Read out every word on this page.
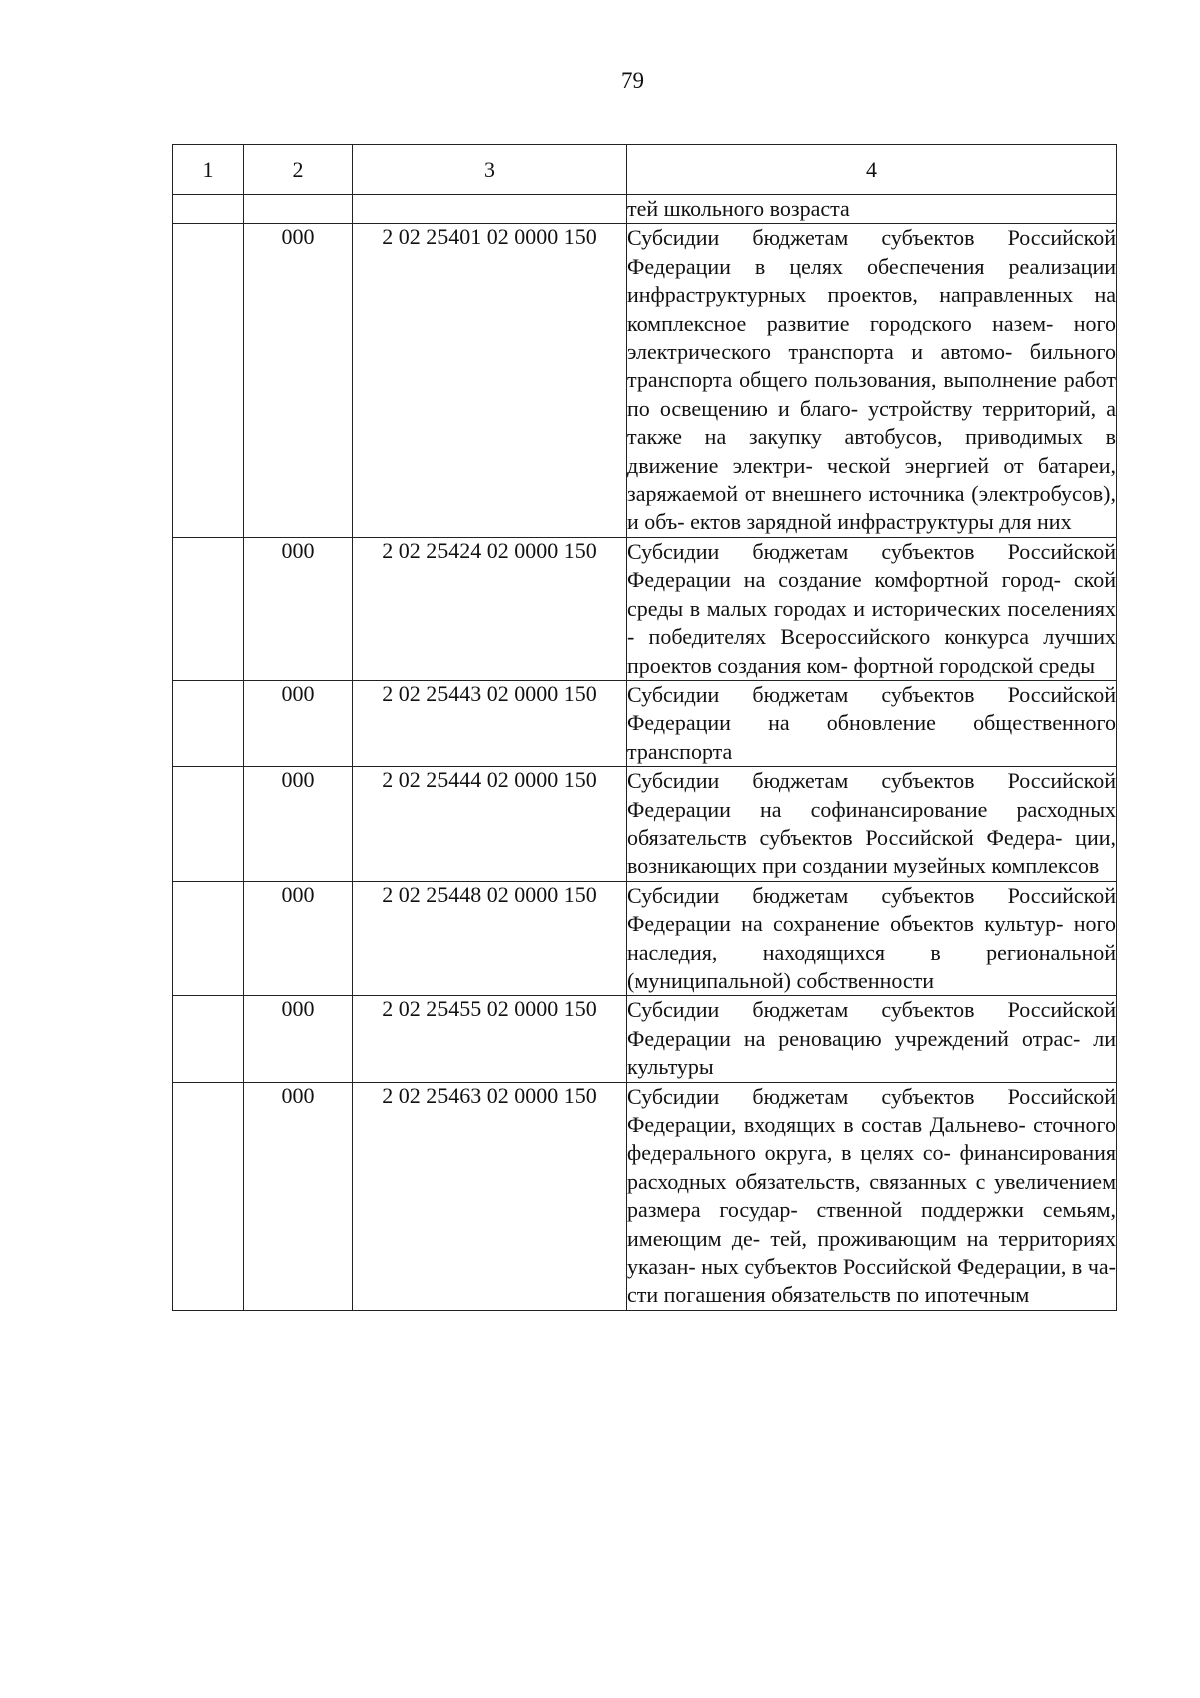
79
1	2	3	4
			тей школьного возраста
	000	2 02 25401 02 0000 150	Субсидии бюджетам субъектов Российской Федерации в целях обеспечения реализации инфраструктурных проектов, направленных на комплексное развитие городского назем- ного электрического транспорта и автомо- бильного транспорта общего пользования, выполнение работ по освещению и благо- устройству территорий, а также на закупку автобусов, приводимых в движение электри- ческой энергией от батареи, заряжаемой от внешнего источника (электробусов), и объ- ектов зарядной инфраструктуры для них
	000	2 02 25424 02 0000 150	Субсидии бюджетам субъектов Российской Федерации на создание комфортной город- ской среды в малых городах и исторических поселениях - победителях Всероссийского конкурса лучших проектов создания ком- фортной городской среды
	000	2 02 25443 02 0000 150	Субсидии бюджетам субъектов Российской Федерации на обновление общественного транспорта
	000	2 02 25444 02 0000 150	Субсидии бюджетам субъектов Российской Федерации на софинансирование расходных обязательств субъектов Российской Федера- ции, возникающих при создании музейных комплексов
	000	2 02 25448 02 0000 150	Субсидии бюджетам субъектов Российской Федерации на сохранение объектов культур- ного наследия, находящихся в региональной (муниципальной) собственности
	000	2 02 25455 02 0000 150	Субсидии бюджетам субъектов Российской Федерации на реновацию учреждений отрас- ли культуры
	000	2 02 25463 02 0000 150	Субсидии бюджетам субъектов Российской Федерации, входящих в состав Дальнево- сточного федерального округа, в целях со- финансирования расходных обязательств, связанных с увеличением размера государ- ственной поддержки семьям, имеющим де- тей, проживающим на территориях указан- ных субъектов Российской Федерации, в ча- сти погашения обязательств по ипотечным
